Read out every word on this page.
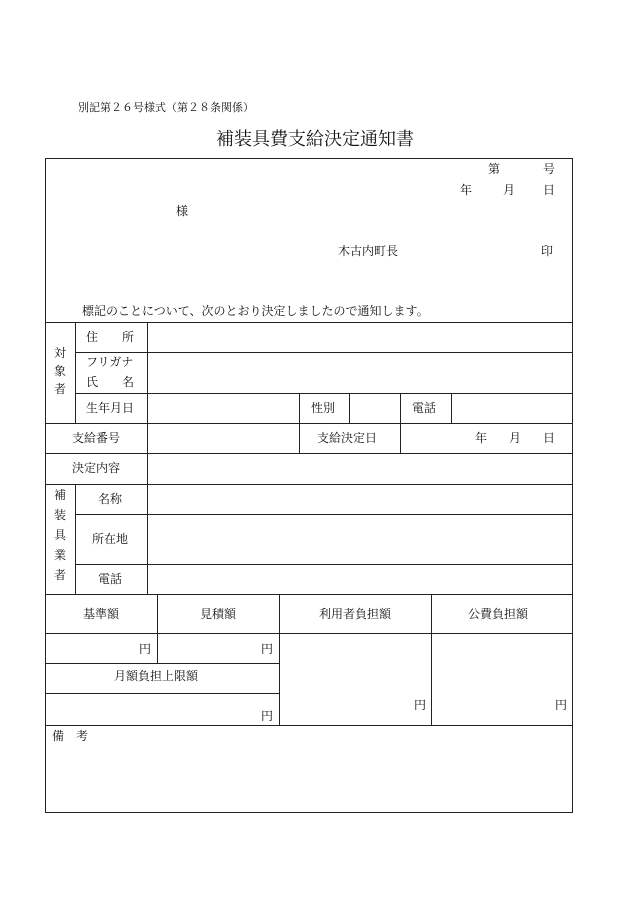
別記第２６号様式（第２８条関係）
補装具費支給決定通知書
第	号
年	月 日
様
木古内町長	印
標記のことについて、次のとおり決定しましたので通知します。
対
象
者
住　　所
フリガナ
氏　　名
生年月日	性別	電話
支給番号	支給決定日	年 月 日
決定内容
補
装
具
業
者
名称
所在地
電話
基準額	見積額	利用者負担額	公費負担額
円	円
月額負担上限額
円
円	円
備　考
